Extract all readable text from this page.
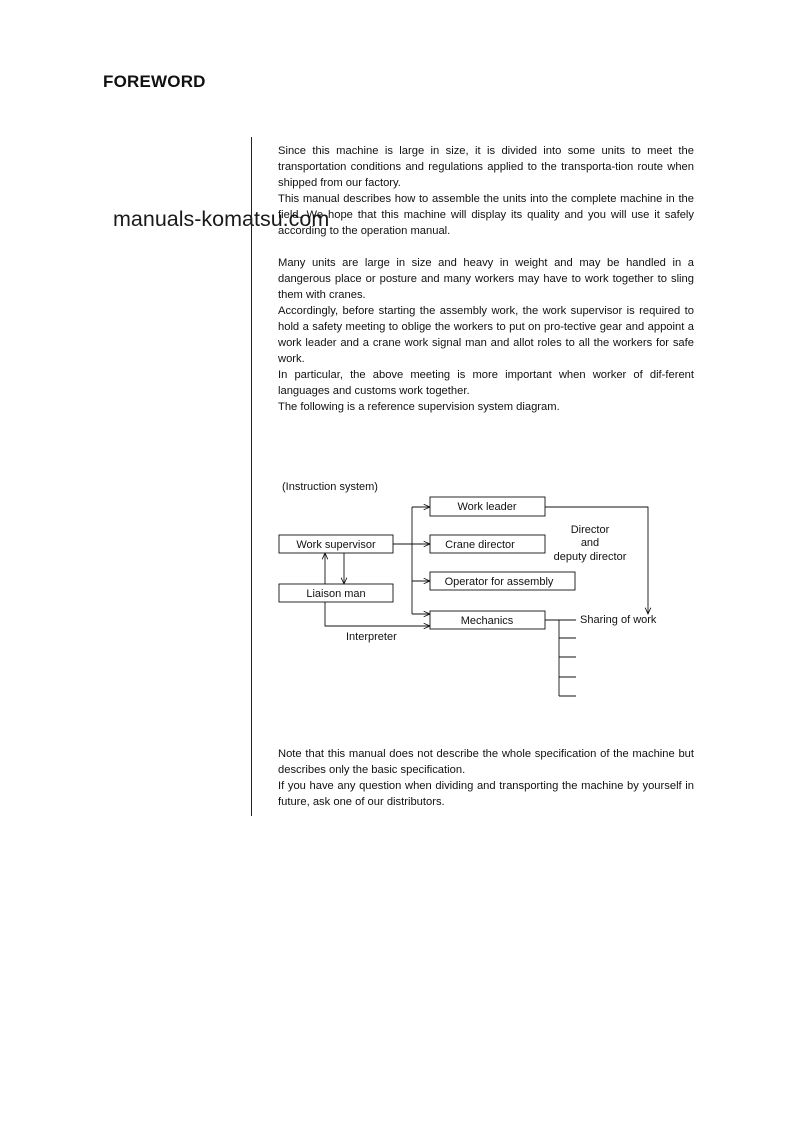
FOREWORD
manuals-komatsu.com

Since this machine is large in size, it is divided into some units to meet the transportation conditions and regulations applied to the transporta-tion route when shipped from our factory.

This manual describes how to assemble the units into the complete machine in the field. We hope that this machine will display its quality and you will use it safely according to the operation manual.

Many units are large in size and heavy in weight and may be handled in a dangerous place or posture and many workers may have to work together to sling them with cranes.

Accordingly, before starting the assembly work, the work supervisor is required to hold a safety meeting to oblige the workers to put on pro-tective gear and appoint a work leader and a crane work signal man and allot roles to all the workers for safe work.

In particular, the above meeting is more important when worker of dif-ferent languages and customs work together.

The following is a reference supervision system diagram.

(Instruction system)
Work supervisor
Liaison man
Work leader
Crane director
Operator for assembly
Mechanics
Director
and
deputy director
Sharing of work
Interpreter

Note that this manual does not describe the whole specification of the machine but describes only the basic specification.

If you have any question when dividing and transporting the machine by yourself in future, ask one of our distributors.
